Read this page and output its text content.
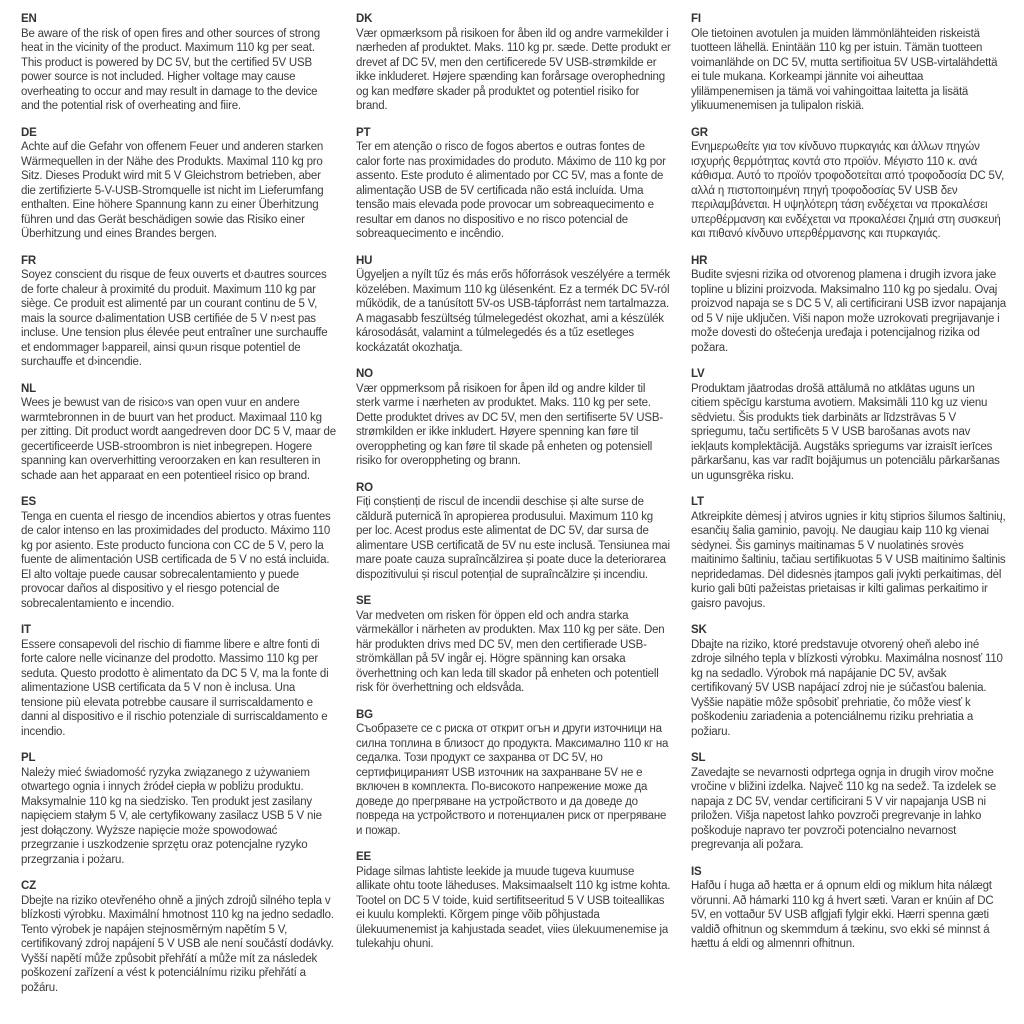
EN
Be aware of the risk of open fires and other sources of strong heat in the vicinity of the product. Maximum 110 kg per seat. This product is powered by DC 5V, but the certified 5V USB power source is not included. Higher voltage may cause overheating to occur and may result in damage to the device and the potential risk of overheating and fiire.
DE
Achte auf die Gefahr von offenem Feuer und anderen starken Wärmequellen in der Nähe des Produkts. Maximal 110 kg pro Sitz. Dieses Produkt wird mit 5 V Gleichstrom betrieben, aber die zertifizierte 5-V-USB-Stromquelle ist nicht im Lieferumfang enthalten. Eine höhere Spannung kann zu einer Überhitzung führen und das Gerät beschädigen sowie das Risiko einer Überhitzung und eines Brandes bergen.
FR
Soyez conscient du risque de feux ouverts et d›autres sources de forte chaleur à proximité du produit. Maximum 110 kg par siège. Ce produit est alimenté par un courant continu de 5 V, mais la source d›alimentation USB certifiée de 5 V n›est pas incluse. Une tension plus élevée peut entraîner une surchauffe et endommager l›appareil, ainsi qu›un risque potentiel de surchauffe et d›incendie.
NL
Wees je bewust van de risico›s van open vuur en andere warmtebronnen in de buurt van het product. Maximaal 110 kg per zitting. Dit product wordt aangedreven door DC 5 V, maar de gecertificeerde USB-stroombron is niet inbegrepen. Hogere spanning kan oververhitting veroorzaken en kan resulteren in schade aan het apparaat en een potentieel risico op brand.
ES
Tenga en cuenta el riesgo de incendios abiertos y otras fuentes de calor intenso en las proximidades del producto. Máximo 110 kg por asiento. Este producto funciona con CC de 5 V, pero la fuente de alimentación USB certificada de 5 V no está incluida. El alto voltaje puede causar sobrecalentamiento y puede provocar daños al dispositivo y el riesgo potencial de sobrecalentamiento e incendio.
IT
Essere consapevoli del rischio di fiamme libere e altre fonti di forte calore nelle vicinanze del prodotto. Massimo 110 kg per seduta. Questo prodotto è alimentato da DC 5 V, ma la fonte di alimentazione USB certificata da 5 V non è inclusa. Una tensione più elevata potrebbe causare il surriscaldamento e danni al dispositivo e il rischio potenziale di surriscaldamento e incendio.
PL
Należy mieć świadomość ryzyka związanego z używaniem otwartego ognia i innych źródeł ciepła w pobliżu produktu. Maksymalnie 110 kg na siedzisko. Ten produkt jest zasilany napięciem stałym 5 V, ale certyfikowany zasilacz USB 5 V nie jest dołączony. Wyższe napięcie może spowodować przegrzanie i uszkodzenie sprzętu oraz potencjalne ryzyko przegrzania i pożaru.
CZ
Dbejte na riziko otevřeného ohně a jiných zdrojů silného tepla v blízkosti výrobku. Maximální hmotnost 110 kg na jedno sedadlo. Tento výrobek je napájen stejnosměrným napětím 5 V, certifikovaný zdroj napájení 5 V USB ale není součástí dodávky. Vyšší napětí může způsobit přehřátí a může mít za následek poškození zařízení a vést k potenciálnímu riziku přehřátí a požáru.
DK
Vær opmærksom på risikoen for åben ild og andre varmekilder i nærheden af produktet. Maks. 110 kg pr. sæde. Dette produkt er drevet af DC 5V, men den certificerede 5V USB-strømkilde er ikke inkluderet. Højere spænding kan forårsage overophedning og kan medføre skader på produktet og potentiel risiko for brand.
PT
Ter em atenção o risco de fogos abertos e outras fontes de calor forte nas proximidades do produto. Máximo de 110 kg por assento. Este produto é alimentado por CC 5V, mas a fonte de alimentação USB de 5V certificada não está incluída. Uma tensão mais elevada pode provocar um sobreaquecimento e resultar em danos no dispositivo e no risco potencial de sobreaquecimento e incêndio.
HU
Ügyeljen a nyílt tűz és más erős hőforrások veszélyére a termék közelében. Maximum 110 kg ülésenként. Ez a termék DC 5V-ról működik, de a tanúsított 5V-os USB-tápforrást nem tartalmazza. A magasabb feszültség túlmelegedést okozhat, ami a készülék károsodását, valamint a túlmelegedés és a tűz esetleges kockázatát okozhatja.
NO
Vær oppmerksom på risikoen for åpen ild og andre kilder til sterk varme i nærheten av produktet. Maks. 110 kg per sete. Dette produktet drives av DC 5V, men den sertifiserte 5V USB-strømkilden er ikke inkludert. Høyere spenning kan føre til overoppheting og kan føre til skade på enheten og potensiell risiko for overoppheting og brann.
RO
Fiți conștienți de riscul de incendii deschise și alte surse de căldură puternică în apropierea produsului. Maximum 110 kg per loc. Acest produs este alimentat de DC 5V, dar sursa de alimentare USB certificată de 5V nu este inclusă. Tensiunea mai mare poate cauza supraîncălzirea și poate duce la deteriorarea dispozitivului și riscul potențial de supraîncălzire și incendiu.
SE
Var medveten om risken för öppen eld och andra starka värmekällor i närheten av produkten. Max 110 kg per säte. Den här produkten drivs med DC 5V, men den certifierade USB-strömkällan på 5V ingår ej. Högre spänning kan orsaka överhettning och kan leda till skador på enheten och potentiell risk för överhettning och eldsvåda.
BG
Съобразете се с риска от открит огън и други източници на силна топлина в близост до продукта. Максимално 110 кг на седалка. Този продукт се захранва от DC 5V, но сертифицираният USB източник на захранване 5V не е включен в комплекта. По-високото напрежение може да доведе до прегряване на устройството и да доведе до повреда на устройството и потенциален риск от прегряване и пожар.
EE
Pidage silmas lahtiste leekide ja muude tugeva kuumuse allikate ohtu toote läheduses. Maksimaalselt 110 kg istme kohta. Tootel on DC 5 V toide, kuid sertifitseeritud 5 V USB toiteallikas ei kuulu komplekti. Kõrgem pinge võib põhjustada ülekuumenemist ja kahjustada seadet, viies ülekuumenemise ja tulekahju ohuni.
FI
Ole tietoinen avotulen ja muiden lämmönlähteiden riskeistä tuotteen lähellä. Enintään 110 kg per istuin. Tämän tuotteen voimanlähde on DC 5V, mutta sertifioitua 5V USB-virtalähdettä ei tule mukana. Korkeampi jännite voi aiheuttaa ylilämpenemisen ja tämä voi vahingoittaa laitetta ja lisätä ylikuumenemisen ja tulipalon riskiä.
GR
Ενημερωθείτε για τον κίνδυνο πυρκαγιάς και άλλων πηγών ισχυρής θερμότητας κοντά στο προϊόν. Μέγιστο 110 κ. ανά κάθισμα. Αυτό το προϊόν τροφοδοτείται από τροφοδοσία DC 5V, αλλά η πιστοποιημένη πηγή τροφοδοσίας 5V USB δεν περιλαμβάνεται. Η υψηλότερη τάση ενδέχεται να προκαλέσει υπερθέρμανση και ενδέχεται να προκαλέσει ζημιά στη συσκευή και πιθανό κίνδυνο υπερθέρμανσης και πυρκαγιάς.
HR
Budite svjesni rizika od otvorenog plamena i drugih izvora jake topline u blizini proizvoda. Maksimalno 110 kg po sjedalu. Ovaj proizvod napaja se s DC 5 V, ali certificirani USB izvor napajanja od 5 V nije uključen. Viši napon može uzrokovati pregrijavanje i može dovesti do oštećenja uređaja i potencijalnog rizika od požara.
LV
Produktam jāatrodas drošā attālumā no atklātas uguns un citiem spēcīgu karstuma avotiem. Maksimāli 110 kg uz vienu sēdvietu. Šis produkts tiek darbināts ar līdzstrāvas 5 V spriegumu, taču sertificēts 5 V USB barošanas avots nav iekļauts komplektācijā. Augstāks spriegums var izraisīt ierīces pārkaršanu, kas var radīt bojājumus un potenciālu pārkaršanas un ugunsgrēka risku.
LT
Atkreipkite dėmesį į atviros ugnies ir kitų stiprios šilumos šaltinių, esančių šalia gaminio, pavojų. Ne daugiau kaip 110 kg vienai sėdynei. Šis gaminys maitinamas 5 V nuolatinės srovės maitinimo šaltiniu, tačiau sertifikuotas 5 V USB maitinimo šaltinis nepridedamas. Dėl didesnės įtampos gali įvykti perkaitimas, dėl kurio gali būti pažeistas prietaisas ir kilti galimas perkaitimo ir gaisro pavojus.
SK
Dbajte na riziko, ktoré predstavuje otvorený oheň alebo iné zdroje silného tepla v blízkosti výrobku. Maximálna nosnosť 110 kg na sedadlo. Výrobok má napájanie DC 5V, avšak certifikovaný 5V USB napájací zdroj nie je súčasťou balenia. Vyššie napätie môže spôsobiť prehriatie, čo môže viesť k poškodeniu zariadenia a potenciálnemu riziku prehriatia a požiaru.
SL
Zavedajte se nevarnosti odprtega ognja in drugih virov močne vročine v bližini izdelka. Največ 110 kg na sedež. Ta izdelek se napaja z DC 5V, vendar certificirani 5 V vir napajanja USB ni priložen. Višja napetost lahko povzroči pregrevanje in lahko poškoduje napravo ter povzroči potencialno nevarnost pregrevanja ali požara.
IS
Hafðu í huga að hætta er á opnum eldi og miklum hita nálægt vörunni. Að hámarki 110 kg á hvert sæti. Varan er knúin af DC 5V, en vottaður 5V USB aflgjafi fylgir ekki. Hærri spenna gæti valdið ofhitnun og skemmdum á tækinu, svo ekki sé minnst á hættu á eldi og almennri ofhitnun.
